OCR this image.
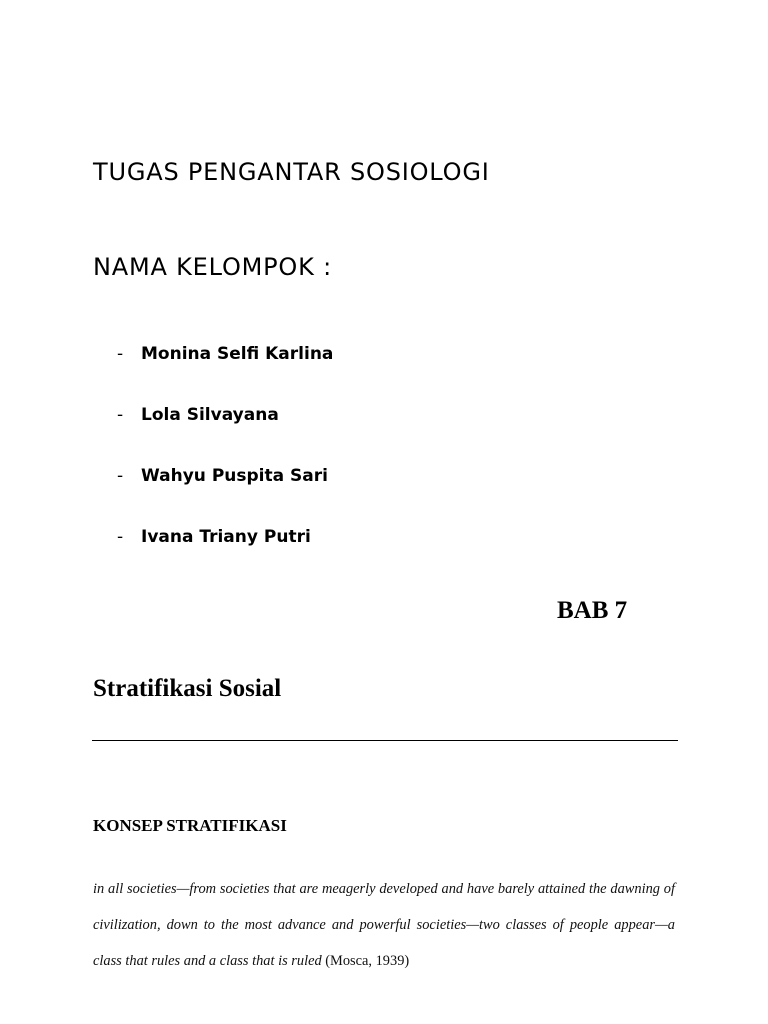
TUGAS PENGANTAR SOSIOLOGI
NAMA KELOMPOK :
-	Monina Selfi Karlina
-	Lola Silvayana
-	Wahyu Puspita Sari
-	Ivana Triany Putri
BAB 7
Stratifikasi Sosial
KONSEP STRATIFIKASI

in all societies—from societies that are meagerly developed and have barely attained the dawning of civilization, down to the most advance and powerful societies—two classes of people appear—a class that rules and a class that is ruled (Mosca, 1939)
